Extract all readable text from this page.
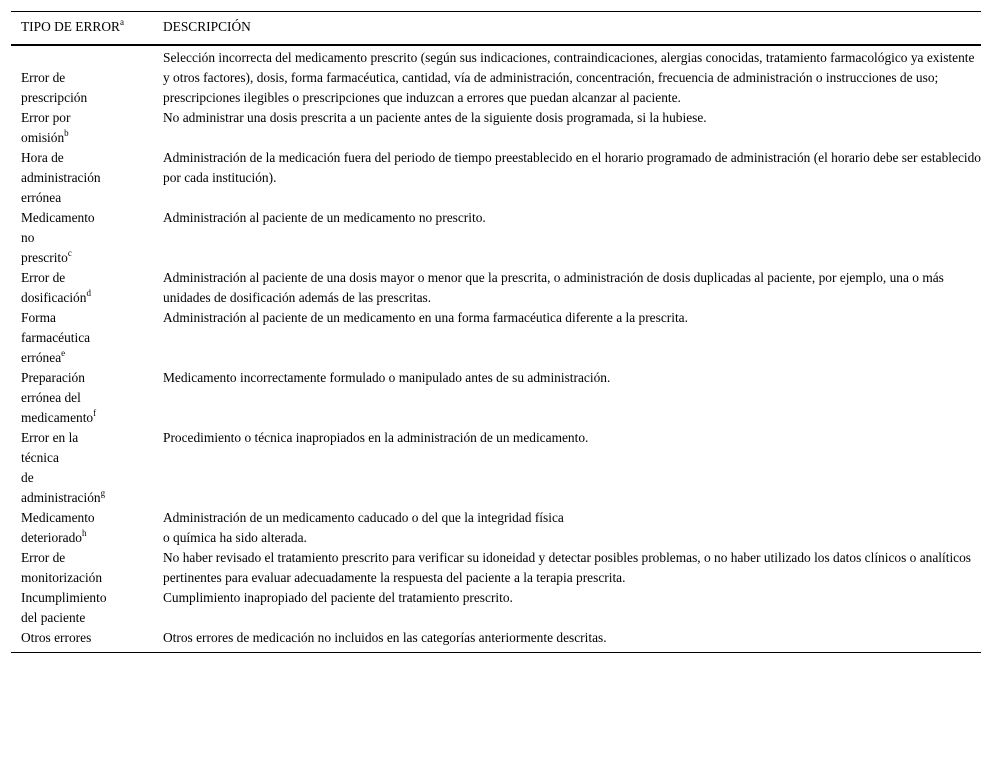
TIPO DE ERROR$^a$	DESCRIPCIÓN
Error de
prescripción	Selección incorrecta del medicamento prescrito (según sus indicaciones, contraindicaciones, alergias conocidas, tratamiento farmacológico ya existente y otros factores), dosis, forma farmacéutica, cantidad, vía de administración, concentración, frecuencia de administración o instrucciones de uso; prescripciones ilegibles o prescripciones que induzcan a errores que puedan alcanzar al paciente.
Error por
omisión$^b$	No administrar una dosis prescrita a un paciente antes de la siguiente dosis programada, si la hubiese.
Hora de
administración
errónea	Administración de la medicación fuera del periodo de tiempo preestablecido en el horario programado de administración (el horario debe ser establecido por cada institución).
Medicamento
no
prescrito$^c$	Administración al paciente de un medicamento no prescrito.
Error de
dosificación$^d$	Administración al paciente de una dosis mayor o menor que la prescrita, o administración de dosis duplicadas al paciente, por ejemplo, una o más unidades de dosificación además de las prescritas.
Forma
farmacéutica
errónea$^e$	Administración al paciente de un medicamento en una forma farmacéutica diferente a la prescrita.
Preparación
errónea del
medicamento$^f$	Medicamento incorrectamente formulado o manipulado antes de su administración.
Error en la
técnica
de
administración$^g$	Procedimiento o técnica inapropiados en la administración de un medicamento.
Medicamento
deteriorado$^h$	Administración de un medicamento caducado o del que la integridad física
o química ha sido alterada.
Error de
monitorización	No haber revisado el tratamiento prescrito para verificar su idoneidad y detectar posibles problemas, o no haber utilizado los datos clínicos o analíticos pertinentes para evaluar adecuadamente la respuesta del paciente a la terapia prescrita.
Incumplimiento
del paciente	Cumplimiento inapropiado del paciente del tratamiento prescrito.
Otros errores	Otros errores de medicación no incluidos en las categorías anteriormente descritas.
